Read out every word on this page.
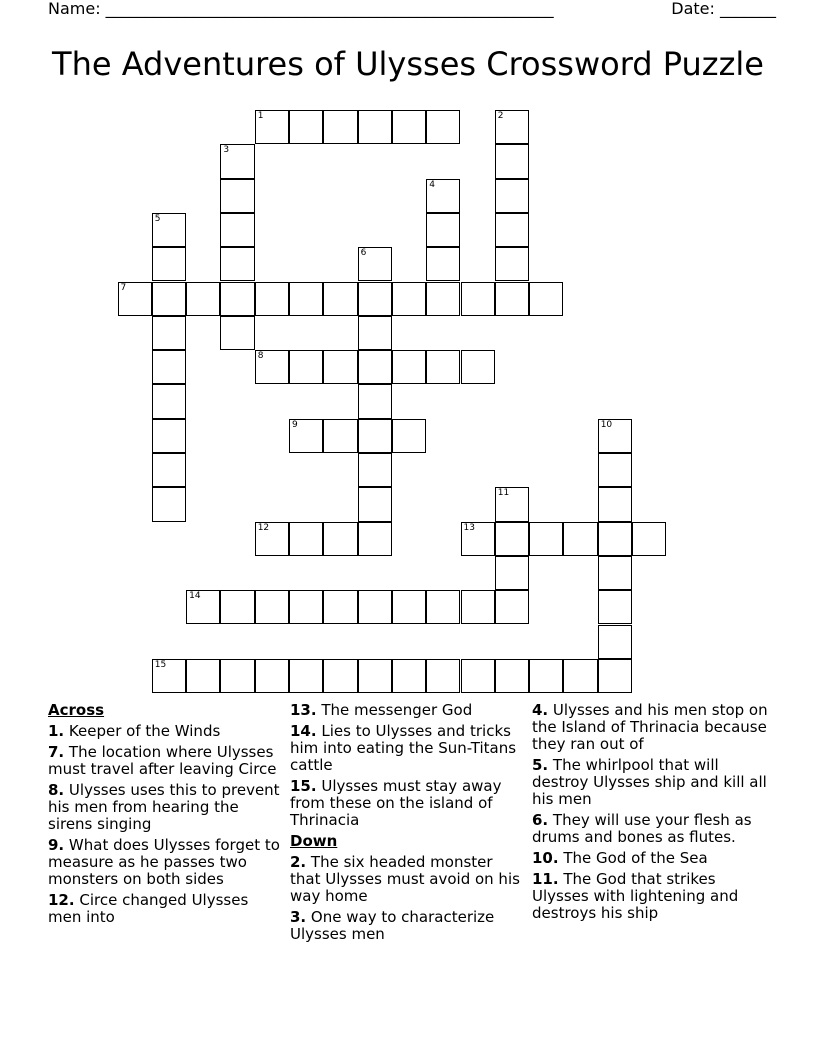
Name: ________________________________________________________	Date: _______
The Adventures of Ulysses Crossword Puzzle
1	2
3
4
5
6
7
8
9	10
11
12	13
14
15
Across
1. Keeper of the Winds
7. The location where Ulysses must travel after leaving Circe
8. Ulysses uses this to prevent his men from hearing the sirens singing
9. What does Ulysses forget to measure as he passes two monsters on both sides
12. Circe changed Ulysses men into
13. The messenger God
14. Lies to Ulysses and tricks him into eating the Sun-Titans cattle
15. Ulysses must stay away from these on the island of Thrinacia
Down
2. The six headed monster that Ulysses must avoid on his way home
3. One way to characterize Ulysses men
4. Ulysses and his men stop on the Island of Thrinacia because they ran out of
5. The whirlpool that will destroy Ulysses ship and kill all his men
6. They will use your flesh as drums and bones as flutes.
10. The God of the Sea
11. The God that strikes Ulysses with lightening and destroys his ship
